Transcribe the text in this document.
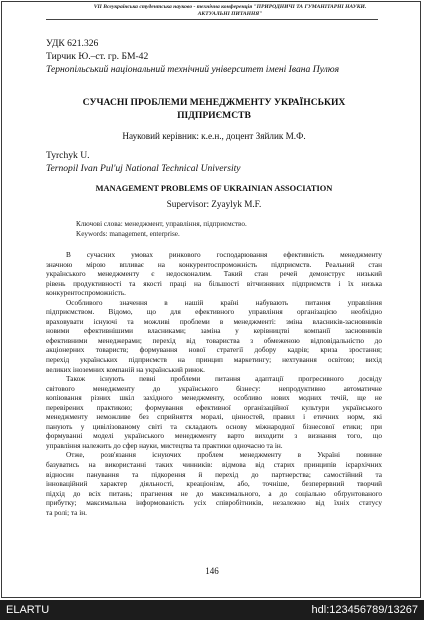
VII Всеукраїнська студентська науково - технічна конференція "ПРИРОДНИЧІ ТА ГУМАНІТАРНІ НАУКИ.
АКТУАЛЬНІ ПИТАННЯ"
УДК 621.326
Тирчик Ю.–ст. гр. БМ-42
Тернопільський національний технічний університет імені Івана Пулюя
СУЧАСНІ ПРОБЛЕМИ МЕНЕДЖМЕНТУ УКРАЇНСЬКИХ
ПІДПРИЄМСТВ
Науковий керівник: к.е.н., доцент Зяйлик М.Ф.
Tyrchyk U.
Ternopil Ivan Pul'uj National Technical University
MANAGEMENT PROBLEMS OF UKRAINIAN ASSOCIATION
Supervisor: Zyaylyk M.F.
Ключові слова: менеджмент, управління, підприємство.
Keywords: management, enterprise.
В сучасних умовах ринкового господарювання ефективність менеджменту
значною мірою впливає на конкурентоспроможність підприємств. Реальний стан
українського менеджменту є недосконалим. Такий стан речей демонструє низький
рівень продуктивності та якості праці на більшості вітчизняних підприємств і їх низька
конкурентоспроможність.
Особливого значення в нашій країні набувають питання управління
підприємством. Відомо, що для ефективного управління організацією необхідно
враховувати існуючі та можливі проблеми в менеджменті: зміна власників-засновників
новими ефективнішими власниками; заміна у керівництві компанії засновників
ефективними менеджерами; перехід від товариства з обмеженою відповідальністю до
акціонерних товариств; формування нової стратегії добору кадрів; криза зростання;
перехід українських підприємств на принцип маркетингу; нехтування освітою; вихід
великих іноземних компаній на український ринок.
Також існують певні проблеми питання адаптації прогресивного досвіду
світового менеджменту до українського бізнесу: непродуктивно автоматичне
копіювання різних шкіл західного менеджменту, особливо нових модних течій, ще не
перевірених практикою; формування ефективної організаційної культури українського
менеджменту неможливе без сприйняття моралі, цінностей, правил і етичних норм, які
панують у цивілізованому світі та складають основу міжнародної бізнесової етики; при
формуванні моделі українського менеджменту варто виходити з визнання того, що
управління належить до сфер науки, мистецтва та практики одночасно та ін.
Отже, розв'язання існуючих проблем менеджменту в Україні повинне
базуватись на використанні таких чинників: відмова від старих принципів ієрархічних
відносин панування та підкорення й перехід до партнерства; самостійний та
інноваційний характер діяльності, креаціонізм, або, точніше, безперервний творчий
підхід до всіх питань; прагнення не до максимального, а до соціально обґрунтованого
прибутку; максимальна інформованість усіх співробітників, незалежно від їхніх статусу
та ролі; та ін.
146
ELARTU	hdl:123456789/13267
